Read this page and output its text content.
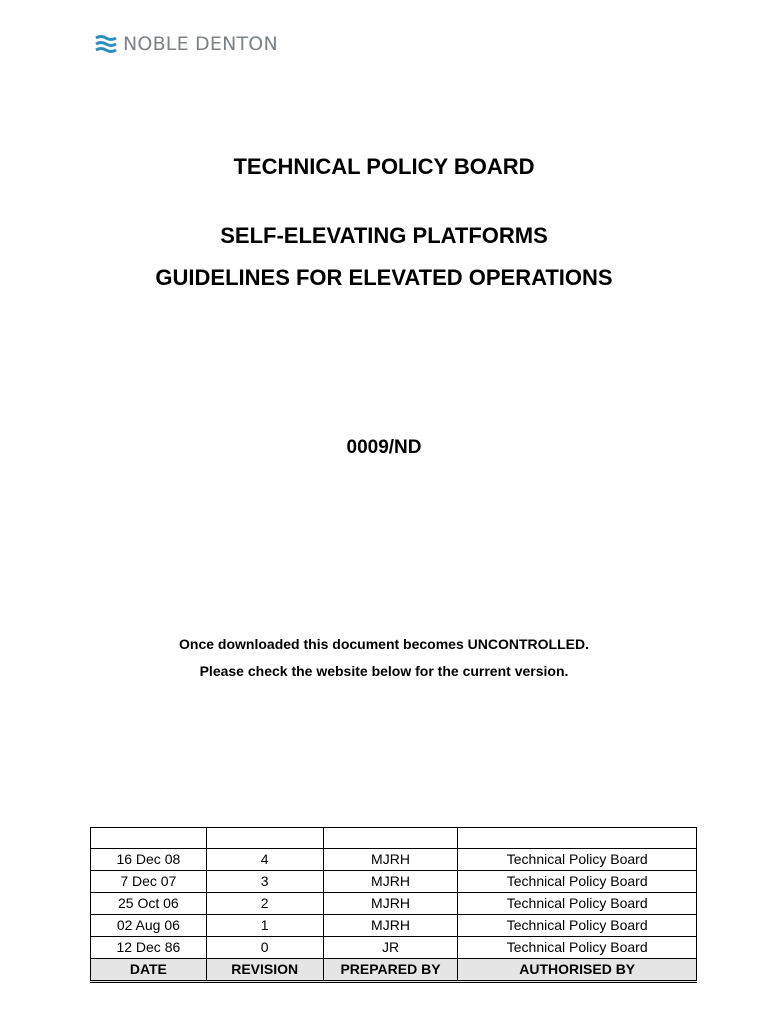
NOBLE DENTON
TECHNICAL POLICY BOARD
SELF-ELEVATING PLATFORMS
GUIDELINES FOR ELEVATED OPERATIONS
0009/ND
Once downloaded this document becomes UNCONTROLLED.
Please check the website below for the current version.

16 Dec 08	4	MJRH	Technical Policy Board
7 Dec 07	3	MJRH	Technical Policy Board
25 Oct 06	2	MJRH	Technical Policy Board
02 Aug 06	1	MJRH	Technical Policy Board
12 Dec 86	0	JR	Technical Policy Board
DATE	REVISION	PREPARED BY	AUTHORISED BY
